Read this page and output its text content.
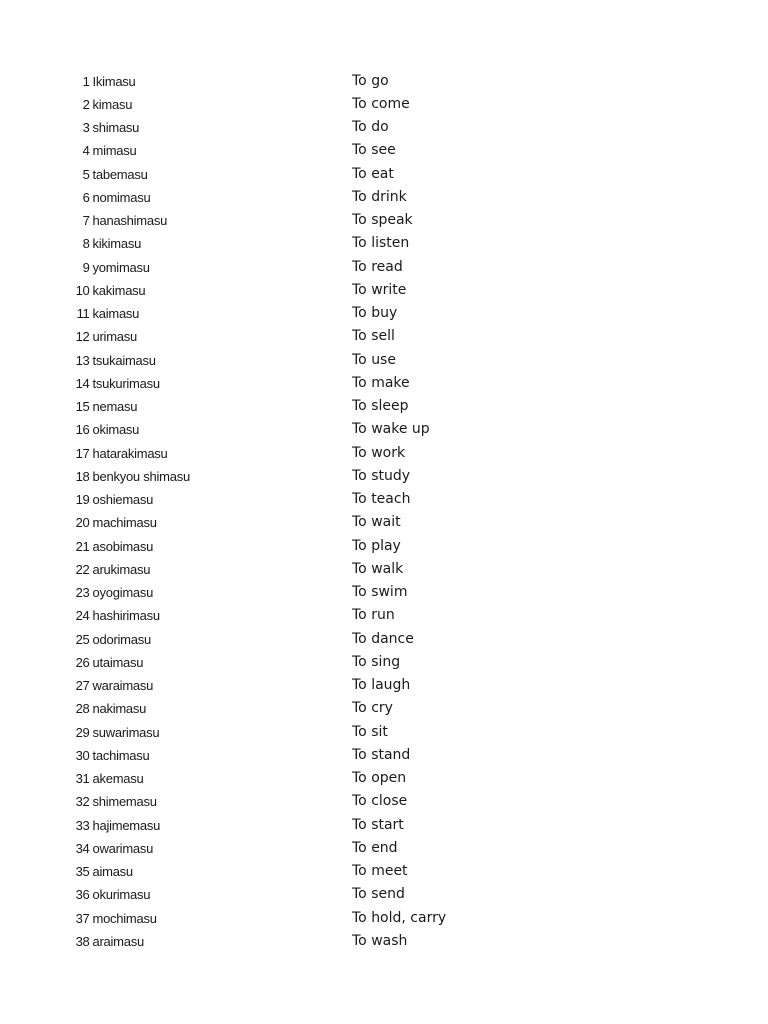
1 Ikimasu	To go
2 kimasu	To come
3 shimasu	To do
4 mimasu	To see
5 tabemasu	To eat
6 nomimasu	To drink
7 hanashimasu	To speak
8 kikimasu	To listen
9 yomimasu	To read
10 kakimasu	To write
11 kaimasu	To buy
12 urimasu	To sell
13 tsukaimasu	To use
14 tsukurimasu	To make
15 nemasu	To sleep
16 okimasu	To wake up
17 hatarakimasu	To work
18 benkyou shimasu	To study
19 oshiemasu	To teach
20 machimasu	To wait
21 asobimasu	To play
22 arukimasu	To walk
23 oyogimasu	To swim
24 hashirimasu	To run
25 odorimasu	To dance
26 utaimasu	To sing
27 waraimasu	To laugh
28 nakimasu	To cry
29 suwarimasu	To sit
30 tachimasu	To stand
31 akemasu	To open
32 shimemasu	To close
33 hajimemasu	To start
34 owarimasu	To end
35 aimasu	To meet
36 okurimasu	To send
37 mochimasu	To hold, carry
38 araimasu	To wash
